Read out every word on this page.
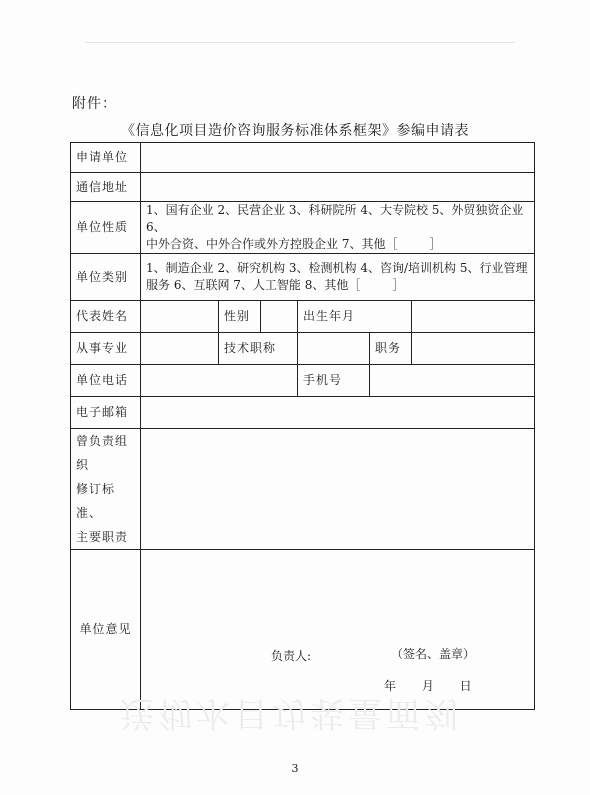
附件：
《信息化项目造价咨询服务标准体系框架》参编申请表
申请单位						
通信地址						
单位性质	1、国有企业 2、民营企业 3、科研院所 4、大专院校 5、外贸独资企业 6、
中外合资、中外合作或外方控股企业 7、其他［ ］					
单位类别	1、制造企业 2、研究机构 3、检测机构 4、咨询/培训机构 5、行业管理
服务 6、互联网 7、人工智能 8、其他［ ］					
代表姓名		性别		出生年月		
从事专业		技术职称			职务	
单位电话				手机号		
电子邮箱						
曾负责组织
修订标准、
主要职责						
单位意见	负责人: （签名、盖章）
年 月 日					
送彻水目功装量面刻
3
